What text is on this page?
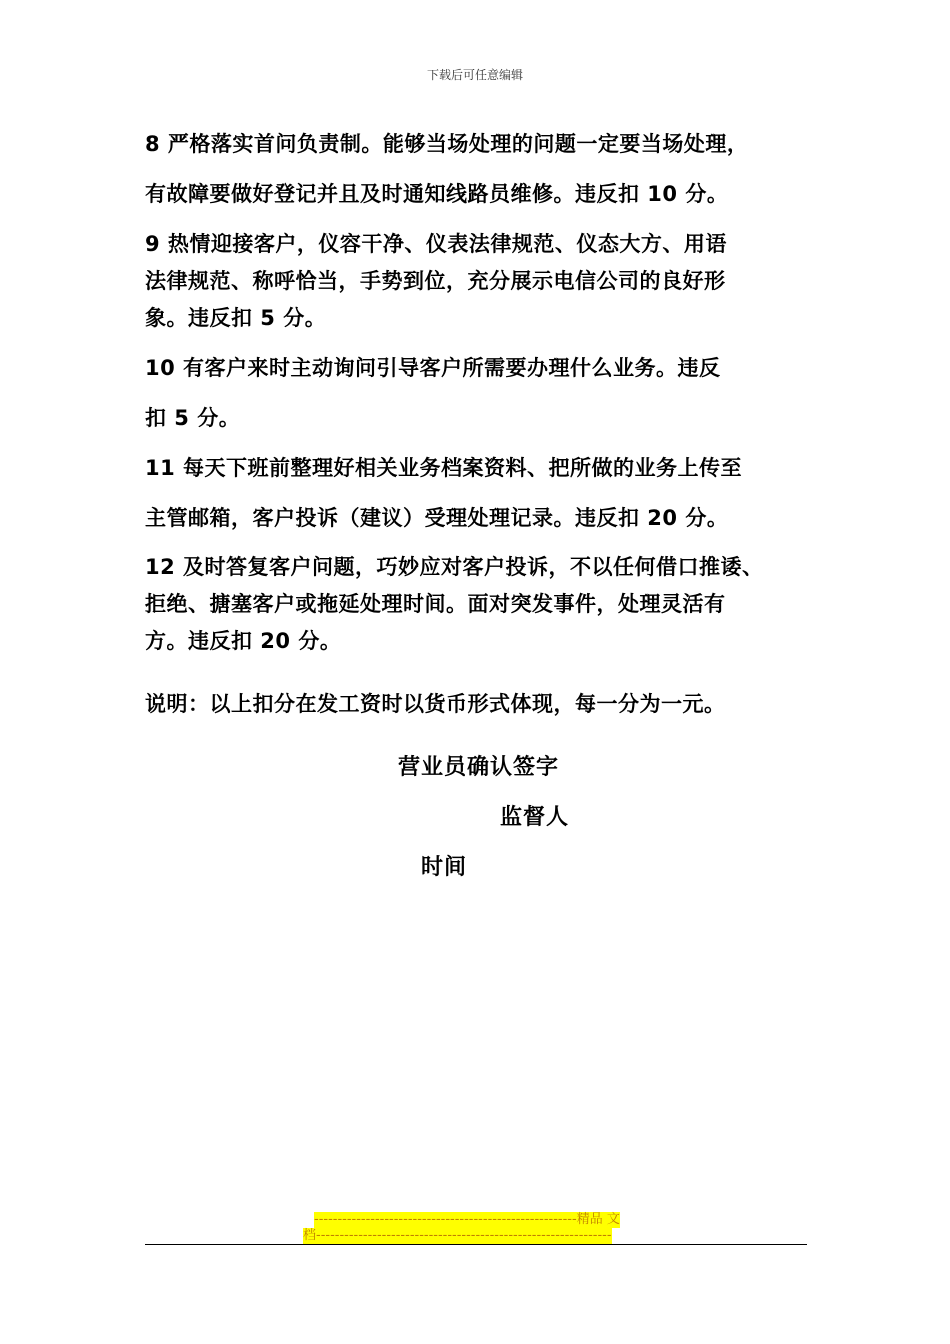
下载后可任意编辑
8 严格落实首问负责制。能够当场处理的问题一定要当场处理，
有故障要做好登记并且及时通知线路员维修。违反扣 10 分。
9 热情迎接客户，仪容干净、仪表法律规范、仪态大方、用语
法律规范、称呼恰当，手势到位，充分展示电信公司的良好形
象。违反扣 5 分。
10 有客户来时主动询问引导客户所需要办理什么业务。违反
扣 5 分。
11 每天下班前整理好相关业务档案资料、把所做的业务上传至
主管邮箱，客户投诉（建议）受理处理记录。违反扣 20 分。
12 及时答复客户问题，巧妙应对客户投诉，不以任何借口推诿、
拒绝、搪塞客户或拖延处理时间。面对突发事件，处理灵活有
方。违反扣 20 分。
说明：以上扣分在发工资时以货币形式体现，每一分为一元。
营业员确认签字
监督人
时间
--------------------------------------------------------精品 文
档---------------------------------------------------------------
